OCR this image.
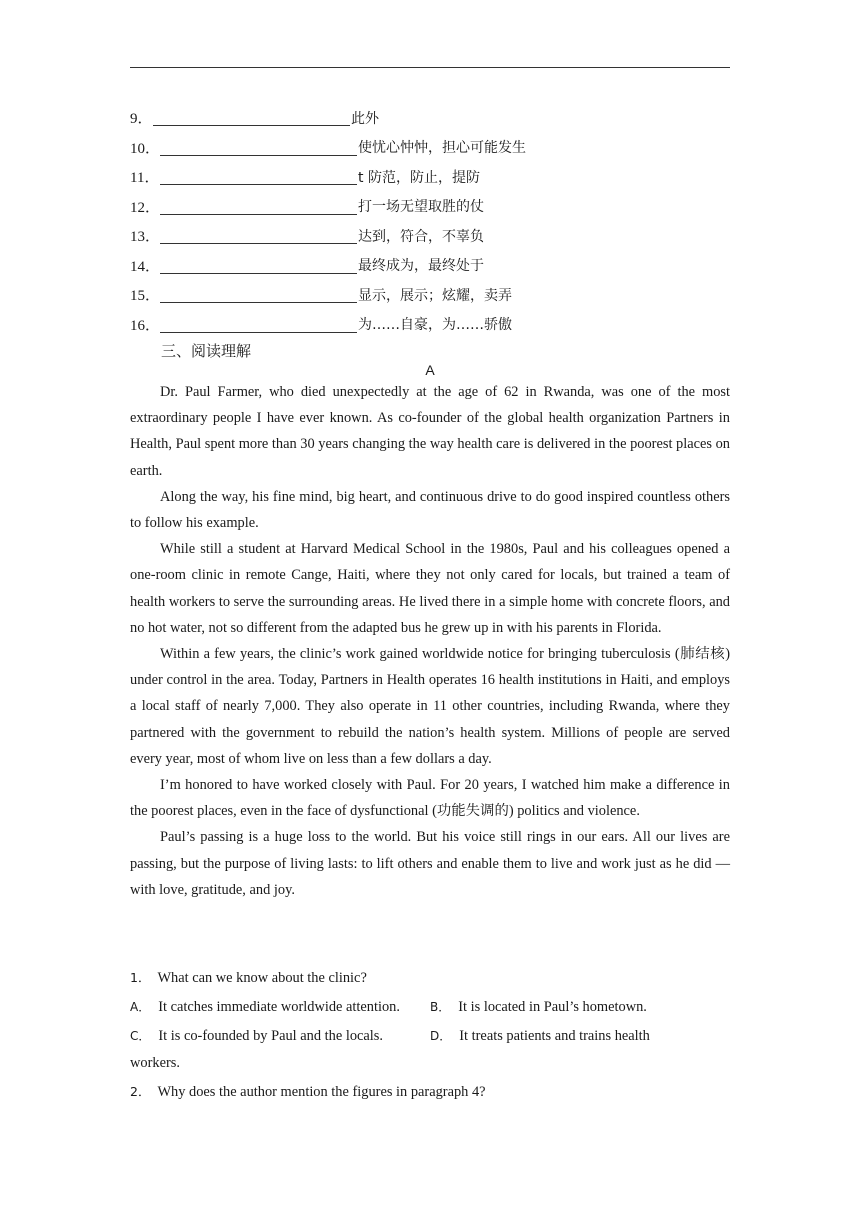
9．	此外
10．	使忧心忡忡，担心可能发生
11．	t 防范，防止，提防
12．	打一场无望取胜的仗
13．	达到，符合，不辜负
14．	最终成为，最终处于
15．	显示，展示；炫耀，卖弄
16．	为……自豪，为……骄傲
三、阅读理解
A

Dr. Paul Farmer, who died unexpectedly at the age of 62 in Rwanda, was one of the most extraordinary people I have ever known. As co-founder of the global health organization Partners in Health, Paul spent more than 30 years changing the way health care is delivered in the poorest places on earth.

Along the way, his fine mind, big heart, and continuous drive to do good inspired countless others to follow his example.

While still a student at Harvard Medical School in the 1980s, Paul and his colleagues opened a one-room clinic in remote Cange, Haiti, where they not only cared for locals, but trained a team of health workers to serve the surrounding areas. He lived there in a simple home with concrete floors, and no hot water, not so different from the adapted bus he grew up in with his parents in Florida.

Within a few years, the clinic’s work gained worldwide notice for bringing tuberculosis (肺结核) under control in the area. Today, Partners in Health operates 16 health institutions in Haiti, and employs a local staff of nearly 7,000. They also operate in 11 other countries, including Rwanda, where they partnered with the government to rebuild the nation’s health system. Millions of people are served every year, most of whom live on less than a few dollars a day.

I’m honored to have worked closely with Paul. For 20 years, I watched him make a difference in the poorest places, even in the face of dysfunctional (功能失调的) politics and violence.

Paul’s passing is a huge loss to the world. But his voice still rings in our ears. All our lives are passing, but the purpose of living lasts: to lift others and enable them to live and work just as he did — with love, gratitude, and joy.

1． What can we know about the clinic?
A． It catches immediate worldwide attention.	B． It is located in Paul’s hometown.
C． It is co-founded by Paul and the locals.	D． It treats patients and trains health
workers.
2． Why does the author mention the figures in paragraph 4?
